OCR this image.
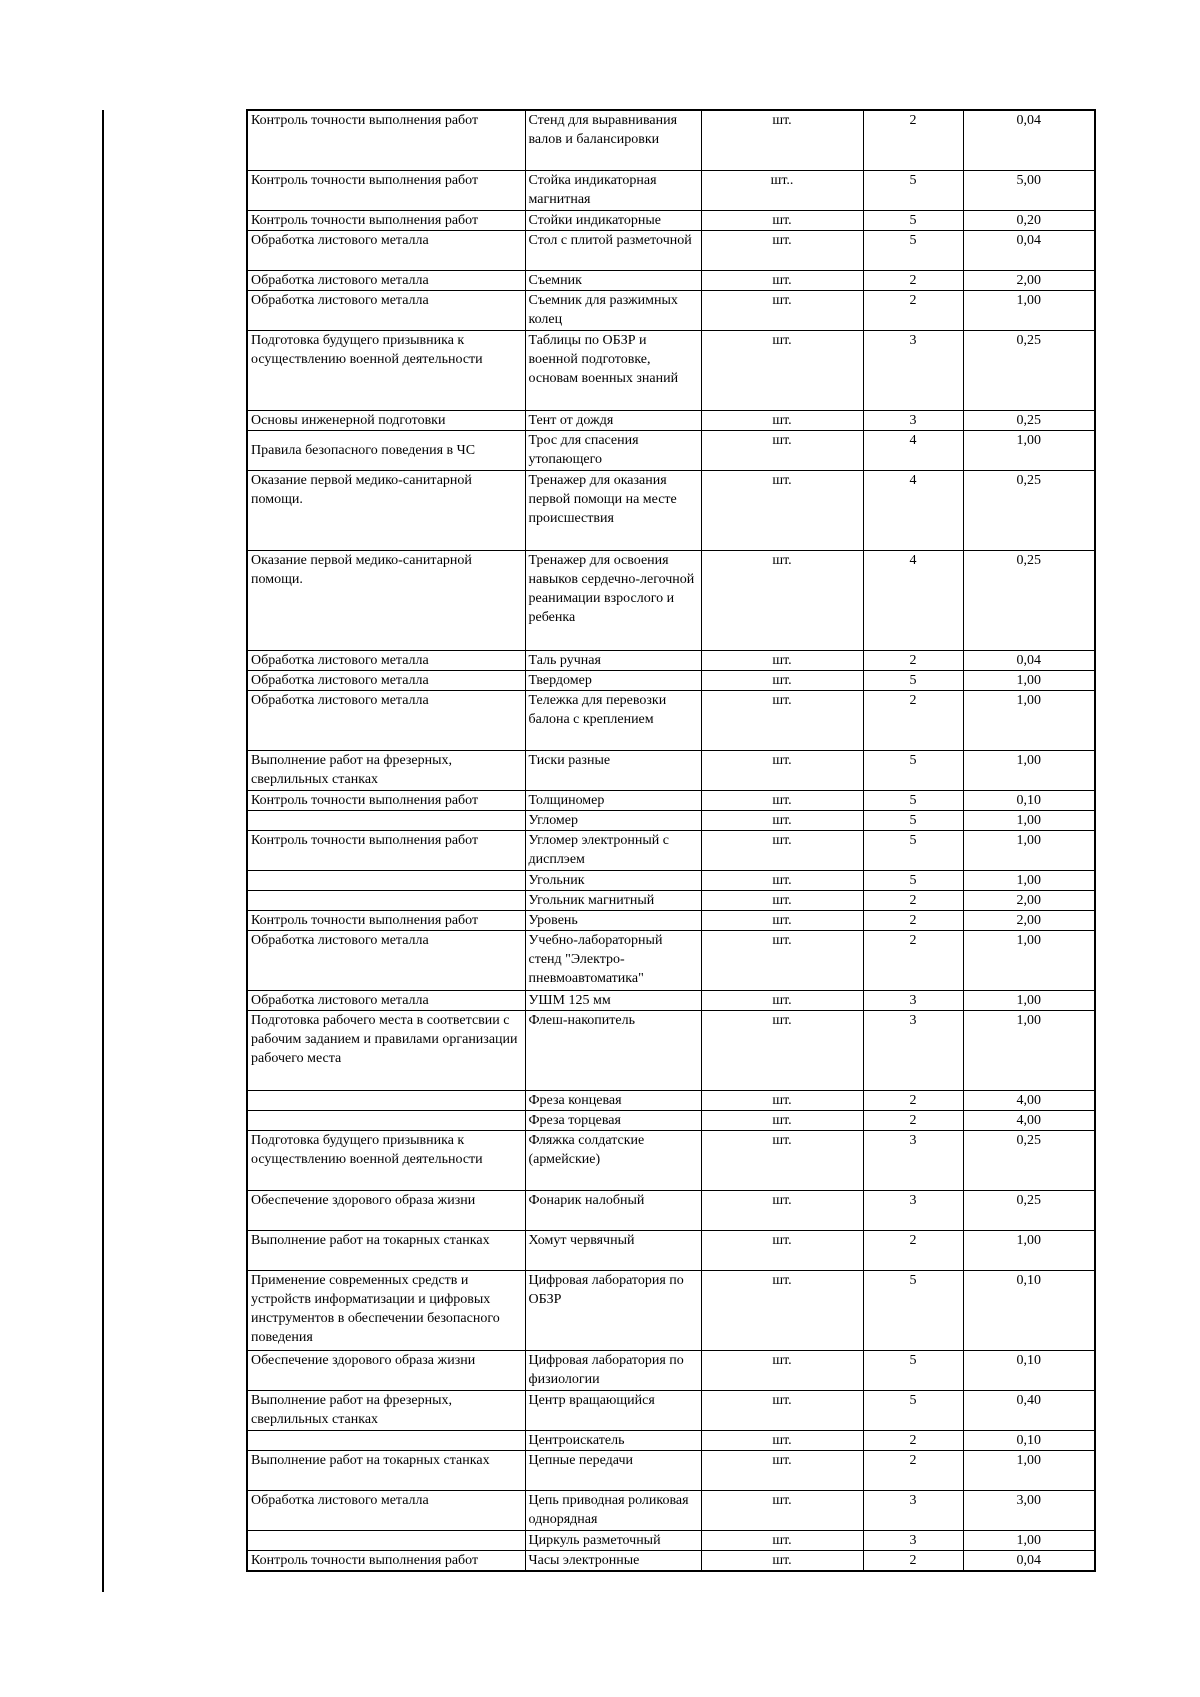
Контроль точности выполнения работ	Стенд для выравнивания валов и балансировки	шт.	2	0,04
Контроль точности выполнения работ	Стойка индикаторная магнитная	шт..	5	5,00
Контроль точности выполнения работ	Стойки индикаторные	шт.	5	0,20
Обработка листового металла	Стол с плитой разметочной	шт.	5	0,04
Обработка листового металла	Съемник	шт.	2	2,00
Обработка листового металла	Съемник для разжимных колец	шт.	2	1,00
Подготовка будущего призывника к осуществлению военной деятельности	Таблицы по ОБЗР и военной подготовке, основам военных знаний	шт.	3	0,25
Основы инженерной подготовки	Тент от дождя	шт.	3	0,25
Правила безопасного поведения в ЧС	Трос для спасения утопающего	шт.	4	1,00
Оказание первой медико-санитарной помощи.	Тренажер для оказания первой помощи на месте происшествия	шт.	4	0,25
Оказание первой медико-санитарной помощи.	Тренажер для освоения навыков сердечно-легочной реанимации взрослого и ребенка	шт.	4	0,25
Обработка листового металла	Таль ручная	шт.	2	0,04
Обработка листового металла	Твердомер	шт.	5	1,00
Обработка листового металла	Тележка для перевозки балона с креплением	шт.	2	1,00
Выполнение работ на фрезерных, сверлильных станках	Тиски разные	шт.	5	1,00
Контроль точности выполнения работ	Толщиномер	шт.	5	0,10
	Угломер	шт.	5	1,00
Контроль точности выполнения работ	Угломер электронный с дисплэем	шт.	5	1,00
	Угольник	шт.	5	1,00
	Угольник магнитный	шт.	2	2,00
Контроль точности выполнения работ	Уровень	шт.	2	2,00
Обработка листового металла	Учебно-лабораторный стенд "Электро-пневмоавтоматика"	шт.	2	1,00
Обработка листового металла	УШМ 125 мм	шт.	3	1,00
Подготовка рабочего места в соответсвии с рабочим заданием и правилами организации рабочего места	Флеш-накопитель	шт.	3	1,00
	Фреза концевая	шт.	2	4,00
	Фреза торцевая	шт.	2	4,00
Подготовка будущего призывника к осуществлению военной деятельности	Фляжка солдатские (армейские)	шт.	3	0,25
Обеспечение здорового образа жизни	Фонарик налобный	шт.	3	0,25
Выполнение работ на токарных станках	Хомут червячный	шт.	2	1,00
Применение современных средств и устройств информатизации и цифровых инструментов в обеспечении безопасного поведения	Цифровая лаборатория по ОБЗР	шт.	5	0,10
Обеспечение здорового образа жизни	Цифровая лаборатория по физиологии	шт.	5	0,10
Выполнение работ на фрезерных, сверлильных станках	Центр вращающийся	шт.	5	0,40
	Центроискатель	шт.	2	0,10
Выполнение работ на токарных станках	Цепные передачи	шт.	2	1,00
Обработка листового металла	Цепь приводная роликовая однорядная	шт.	3	3,00
	Циркуль разметочный	шт.	3	1,00
Контроль точности выполнения работ	Часы электронные	шт.	2	0,04
